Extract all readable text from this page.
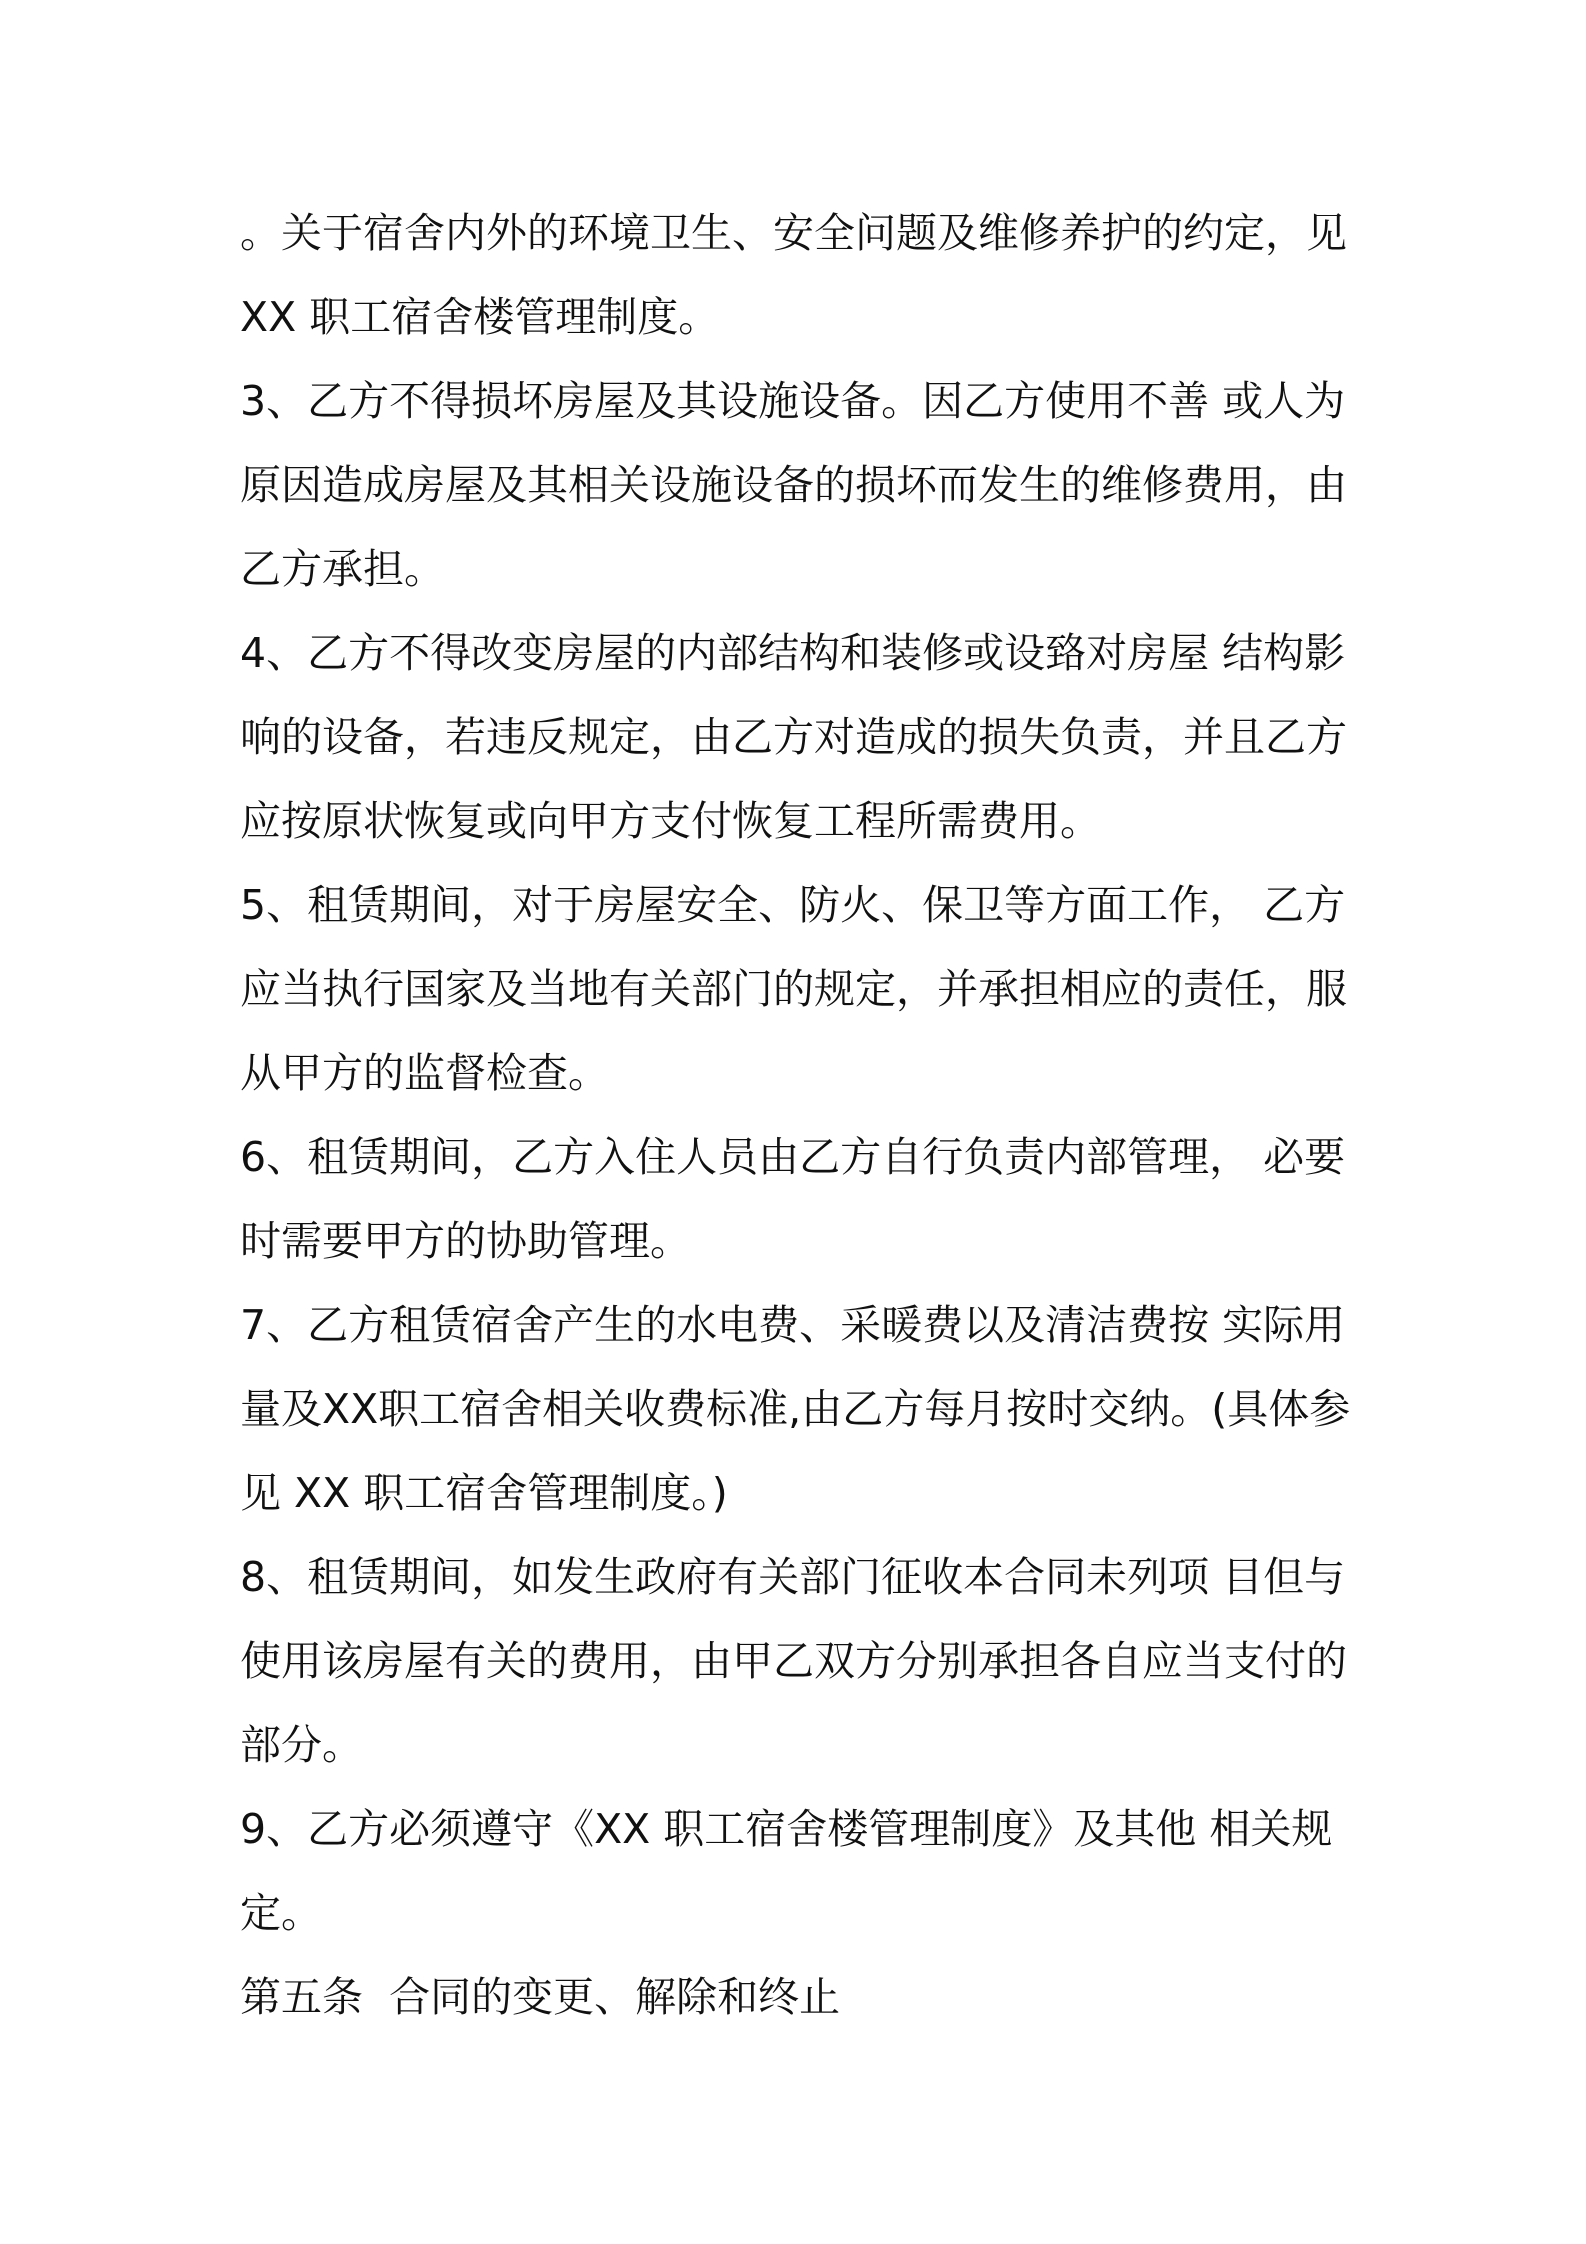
。关于宿舍内外的环境卫生、安全问题及维修养护的约定，见 XX 职工宿舍楼管理制度。

3、乙方不得损坏房屋及其设施设备。因乙方使用不善 或人为原因造成房屋及其相关设施设备的损坏而发生的维修费用，由乙方承担。

4、乙方不得改变房屋的内部结构和装修或设臵对房屋 结构影响的设备，若违反规定，由乙方对造成的损失负责，并且乙方应按原状恢复或向甲方支付恢复工程所需费用。

5、租赁期间，对于房屋安全、防火、保卫等方面工作， 乙方应当执行国家及当地有关部门的规定，并承担相应的责任，服从甲方的监督检查。

6、租赁期间，乙方入住人员由乙方自行负责内部管理， 必要时需要甲方的协助管理。

7、乙方租赁宿舍产生的水电费、采暖费以及清洁费按 实际用量及XX职工宿舍相关收费标准,由乙方每月按时交纳。(具体参见 XX 职工宿舍管理制度。)

8、租赁期间，如发生政府有关部门征收本合同未列项 目但与使用该房屋有关的费用，由甲乙双方分别承担各自应当支付的部分。

9、乙方必须遵守《XX 职工宿舍楼管理制度》及其他 相关规定。

第五条  合同的变更、解除和终止
